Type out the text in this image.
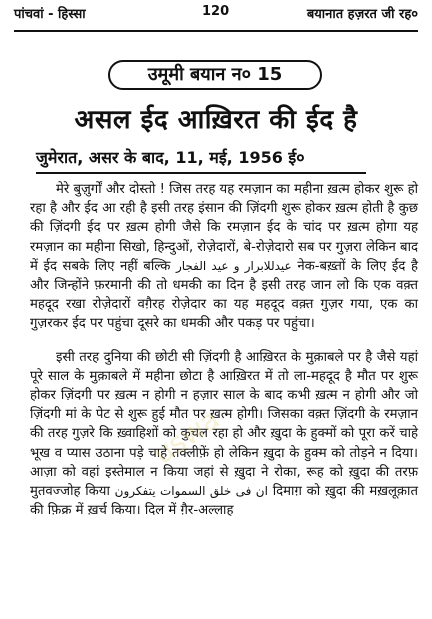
पांचवां - हिस्सा	120	बयानात हज़रत जी रह०
उमूमी बयान न० 15
असल ईद आख़िरत की ईद है
जुमेरात, असर के बाद, 11, मई, 1956 ई०

मेरे बुज़ुर्गों और दोस्तो ! जिस तरह यह रमज़ान का महीना ख़त्म होकर शुरू हो रहा है और ईद आ रही है इसी तरह इंसान की ज़िंदगी शुरू होकर ख़त्म होती है कुछ की ज़िंदगी ईद पर ख़त्म होगी जैसे कि रमज़ान ईद के चांद पर ख़त्म होगा यह रमज़ान का महीना सिखो, हिन्दुओं, रोज़ेदारों, बे-रोज़ेदारो सब पर गुज़रा लेकिन बाद में ईद सबके लिए नहीं बल्कि عیدللابرار و عید الفجار नेक-बख़्तों के लिए ईद है और जिन्होंने फ़रमानी की तो धमकी का दिन है इसी तरह जान लो कि एक वक़्त महदूद रखा रोज़ेदारों वग़ैरह रोज़ेदार का यह महदूद वक़्त गुज़र गया, एक का गुज़रकर ईद पर पहुंचा दूसरे का धमकी और पकड़ पर पहुंचा।

इसी तरह दुनिया की छोटी सी ज़िंदगी है आख़िरत के मुक़ाबले पर है जैसे यहां पूरे साल के मुक़ाबले में महीना छोटा है आख़िरत में तो ला-महदूद है मौत पर शुरू होकर ज़िंदगी पर ख़त्म न होगी न हज़ार साल के बाद कभी ख़त्म न होगी और जो ज़िंदगी मां के पेट से शुरू हुई मौत पर ख़त्म होगी। जिसका वक़्त ज़िंदगी के रमज़ान की तरह गुज़रे कि ख़्वाहिशों को कुचल रहा हो और ख़ुदा के हुक्मों को पूरा करें चाहे भूख व प्यास उठाना पड़े चाहे तक्लीफ़ें हो लेकिन ख़ुदा के हुक्म को तोड़ने न दिया। आज़ा को वहां इस्तेमाल न किया जहां से ख़ुदा ने रोका, रूह को ख़ुदा की तरफ़ मुतवज्जोह किया ان فی خلق السموات یتفکرون दिमाग़ को ख़ुदा की मख़लूक़ात की फ़िक्र में ख़र्च किया। दिल में ग़ैर-अल्लाह

uswa
